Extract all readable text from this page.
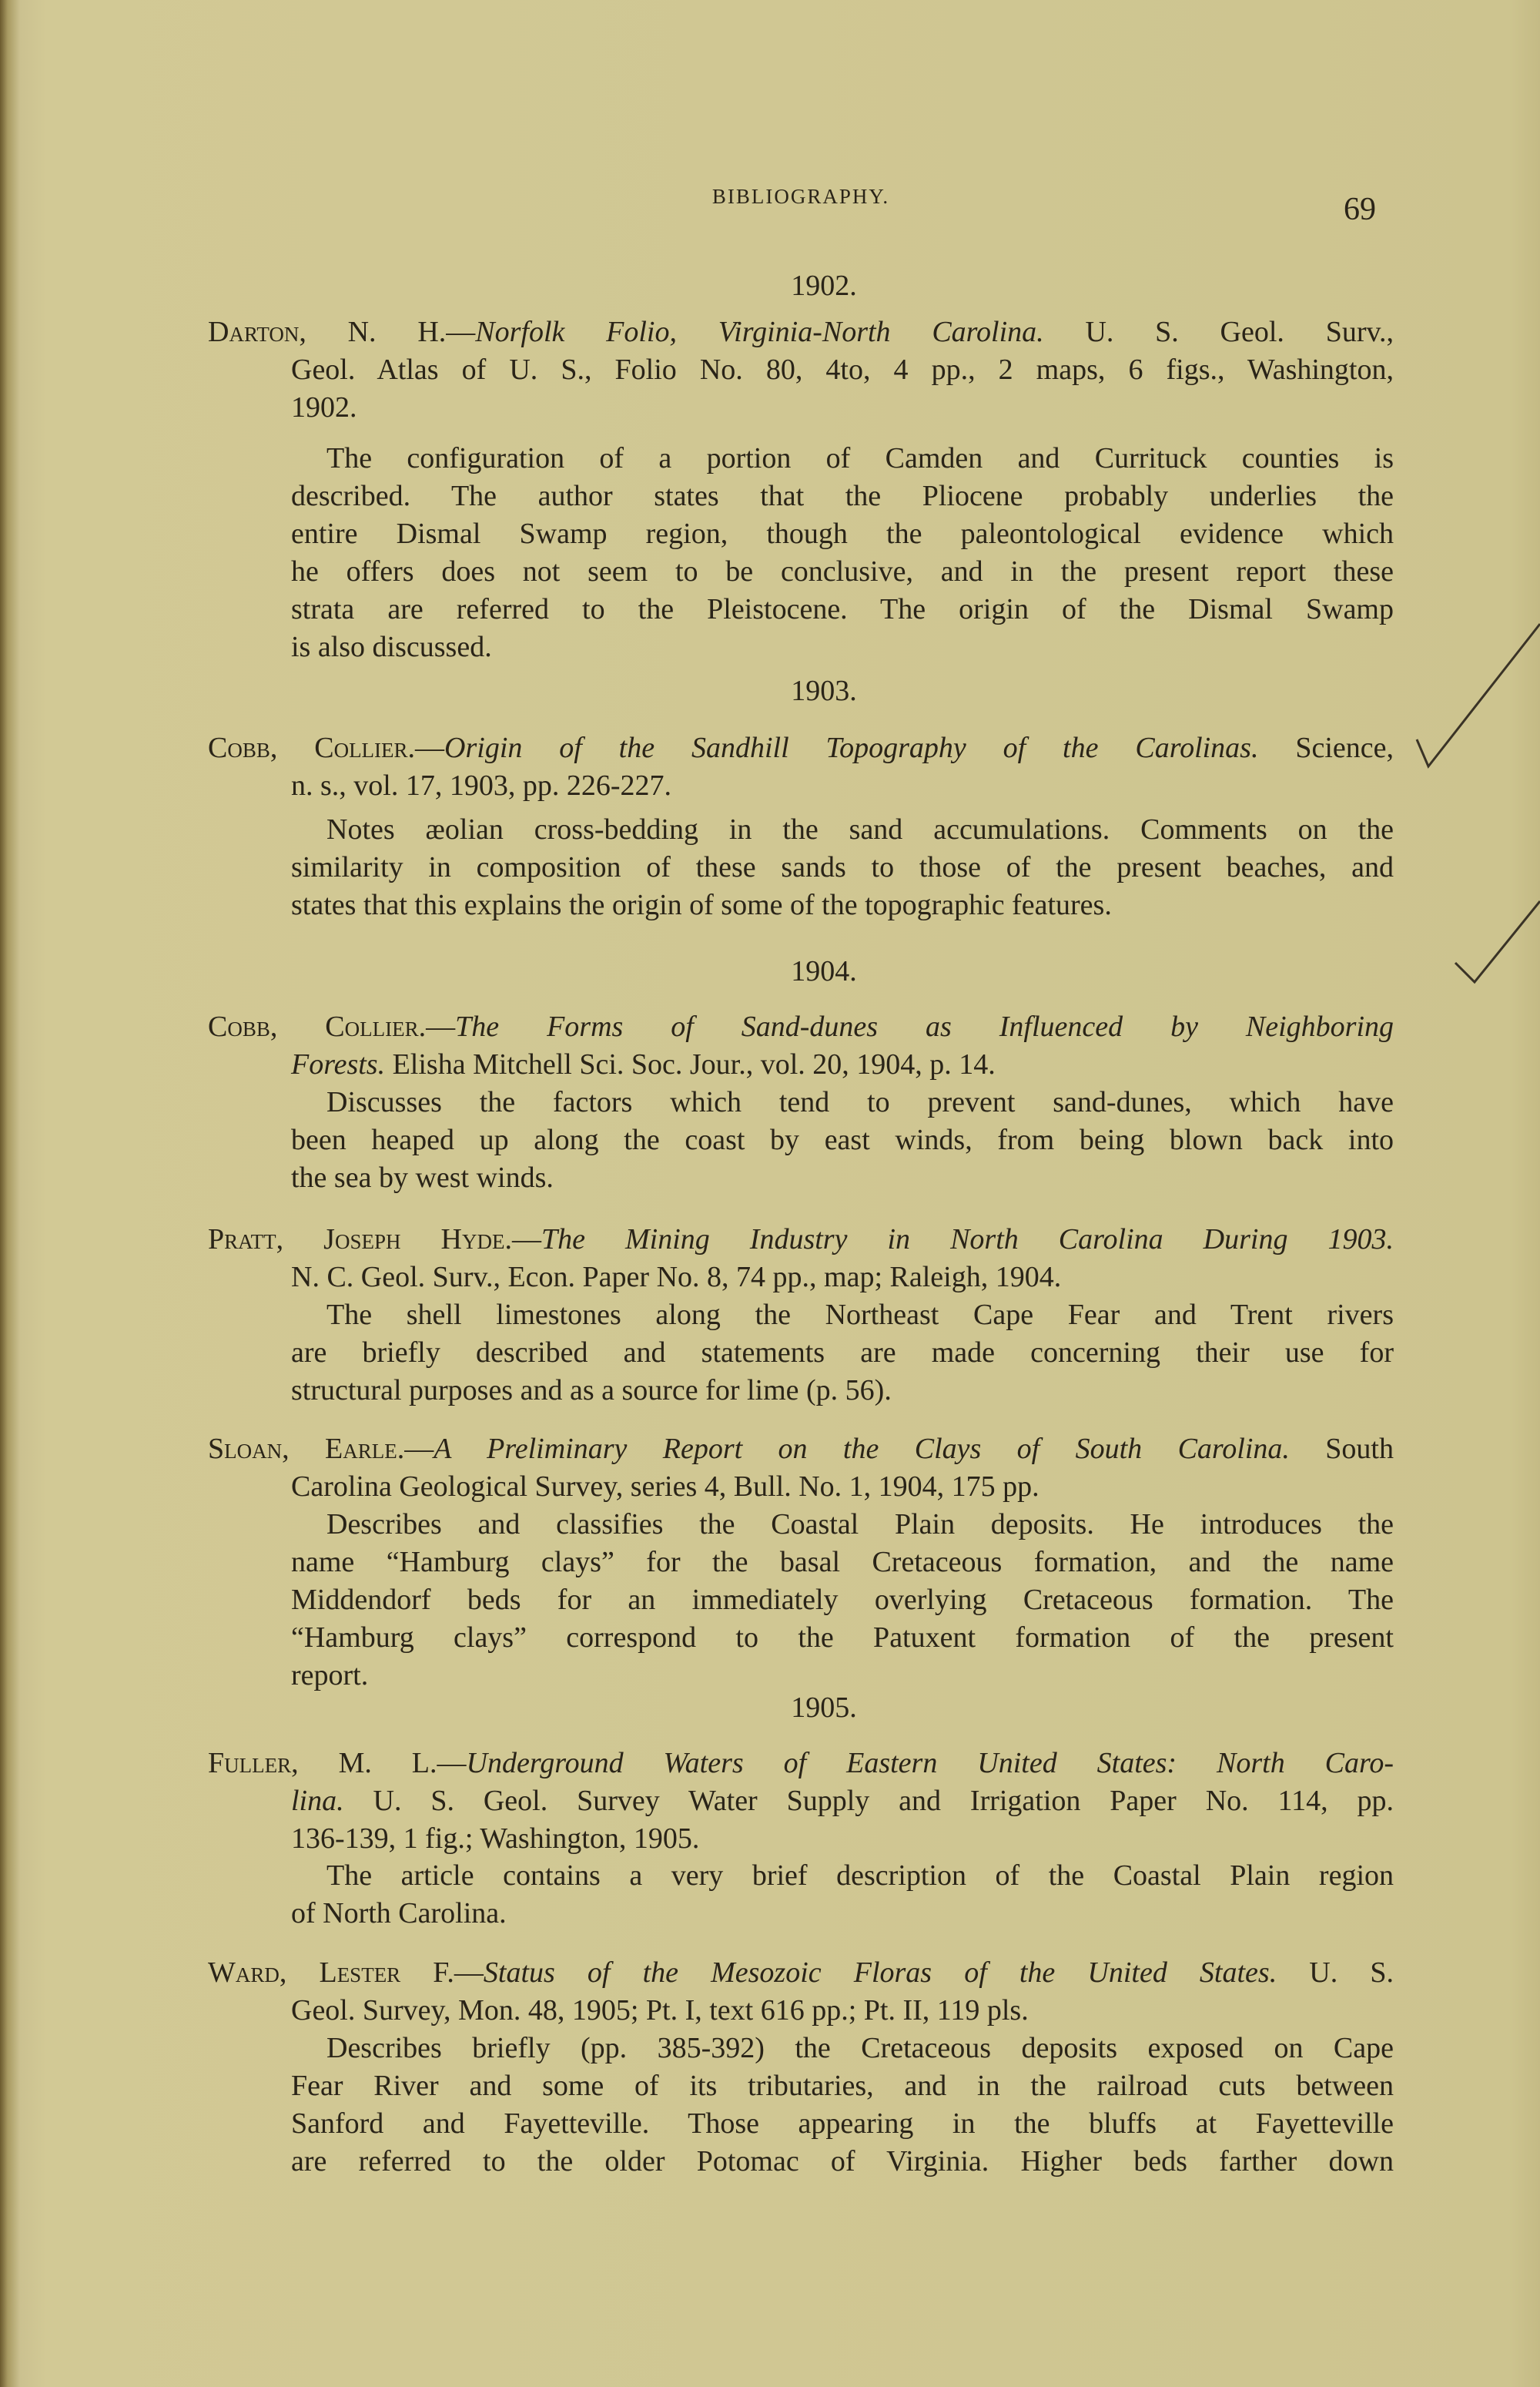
BIBLIOGRAPHY.	69
1902.
Darton, N. H.—Norfolk Folio, Virginia-North Carolina. U. S. Geol. Surv.,
Geol. Atlas of U. S., Folio No. 80, 4to, 4 pp., 2 maps, 6 figs., Washington,
1902.
The configuration of a portion of Camden and Currituck counties is
described. The author states that the Pliocene probably underlies the
entire Dismal Swamp region, though the paleontological evidence which
he offers does not seem to be conclusive, and in the present report these
strata are referred to the Pleistocene. The origin of the Dismal Swamp
is also discussed.
1903.
Cobb, Collier.—Origin of the Sandhill Topography of the Carolinas. Science,
n. s., vol. 17, 1903, pp. 226-227.
Notes æolian cross-bedding in the sand accumulations. Comments on the
similarity in composition of these sands to those of the present beaches, and
states that this explains the origin of some of the topographic features.
1904.
Cobb, Collier.—The Forms of Sand-dunes as Influenced by Neighboring
Forests. Elisha Mitchell Sci. Soc. Jour., vol. 20, 1904, p. 14.
Discusses the factors which tend to prevent sand-dunes, which have
been heaped up along the coast by east winds, from being blown back into
the sea by west winds.
Pratt, Joseph Hyde.—The Mining Industry in North Carolina During 1903.
N. C. Geol. Surv., Econ. Paper No. 8, 74 pp., map; Raleigh, 1904.
The shell limestones along the Northeast Cape Fear and Trent rivers
are briefly described and statements are made concerning their use for
structural purposes and as a source for lime (p. 56).
Sloan, Earle.—A Preliminary Report on the Clays of South Carolina. South
Carolina Geological Survey, series 4, Bull. No. 1, 1904, 175 pp.
Describes and classifies the Coastal Plain deposits. He introduces the
name “Hamburg clays” for the basal Cretaceous formation, and the name
Middendorf beds for an immediately overlying Cretaceous formation. The
“Hamburg clays” correspond to the Patuxent formation of the present
report.
1905.
Fuller, M. L.—Underground Waters of Eastern United States: North Caro-
lina. U. S. Geol. Survey Water Supply and Irrigation Paper No. 114, pp.
136-139, 1 fig.; Washington, 1905.
The article contains a very brief description of the Coastal Plain region
of North Carolina.
Ward, Lester F.—Status of the Mesozoic Floras of the United States. U. S.
Geol. Survey, Mon. 48, 1905; Pt. I, text 616 pp.; Pt. II, 119 pls.
Describes briefly (pp. 385-392) the Cretaceous deposits exposed on Cape
Fear River and some of its tributaries, and in the railroad cuts between
Sanford and Fayetteville. Those appearing in the bluffs at Fayetteville
are referred to the older Potomac of Virginia. Higher beds farther down
